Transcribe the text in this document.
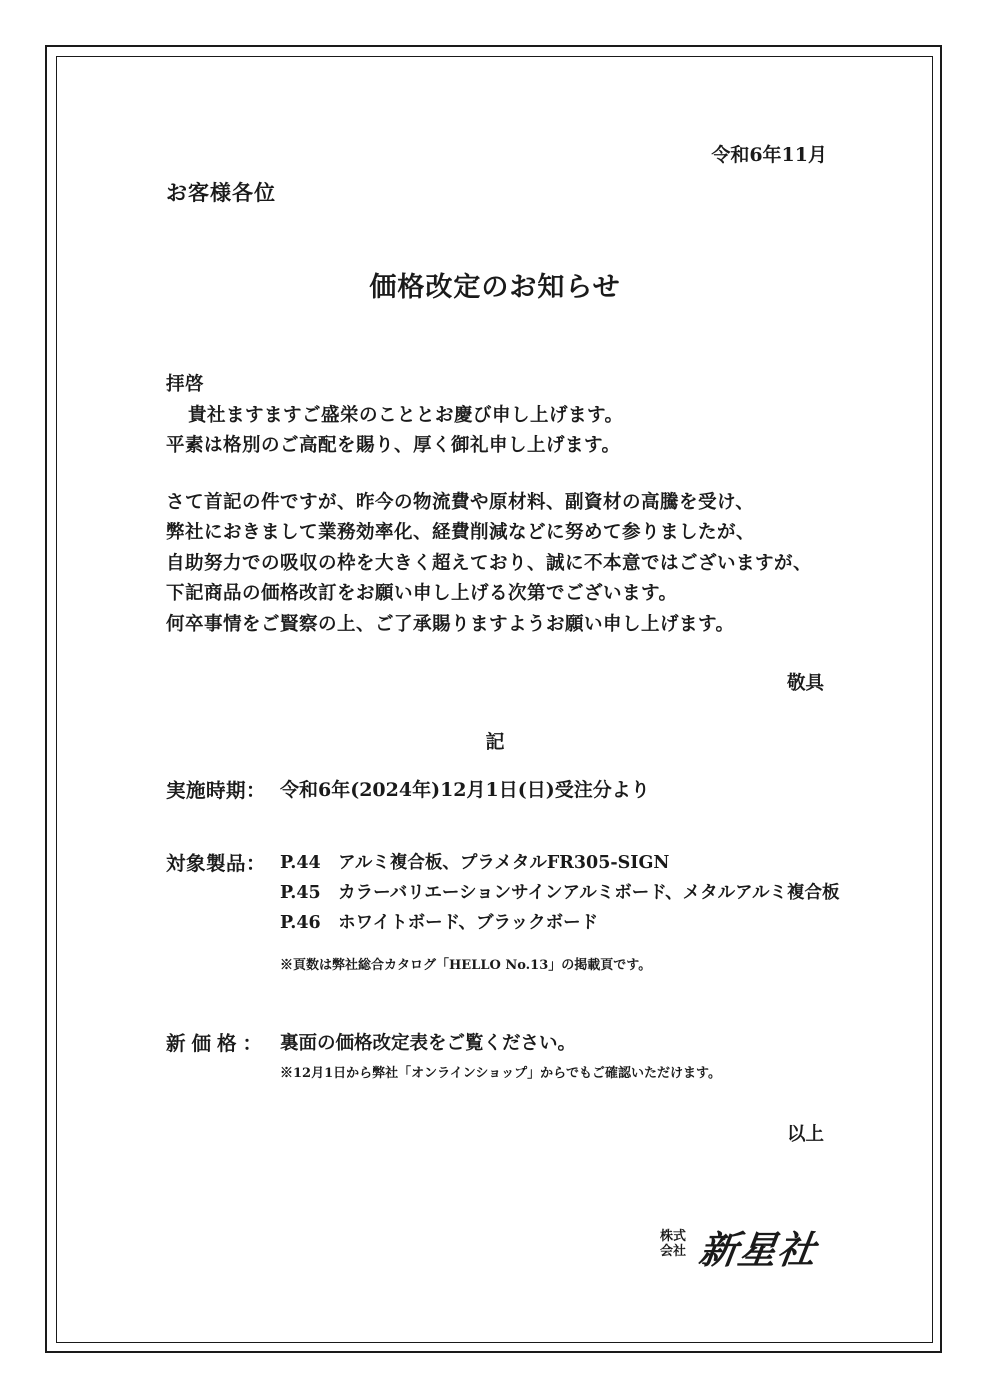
令和6年11月
お客様各位
価格改定のお知らせ
拝啓
貴社ますますご盛栄のこととお慶び申し上げます。
平素は格別のご高配を賜り、厚く御礼申し上げます。
さて首記の件ですが、昨今の物流費や原材料、副資材の高騰を受け、
弊社におきまして業務効率化、経費削減などに努めて参りましたが、
自助努力での吸収の枠を大きく超えており、誠に不本意ではございますが、
下記商品の価格改訂をお願い申し上げる次第でございます。
何卒事情をご賢察の上、ご了承賜りますようお願い申し上げます。
敬具
記
実施時期： 令和6年(2024年)12月1日(日)受注分より
対象製品： P.44 アルミ複合板、プラメタルFR305-SIGN
P.45 カラーバリエーションサインアルミボード、メタルアルミ複合板
P.46 ホワイトボード、ブラックボード
※頁数は弊社総合カタログ「HELLO No.13」の掲載頁です。
新価格： 裏面の価格改定表をご覧ください。
※12月1日から弊社「オンラインショップ」からでもご確認いただけます。
以上
株式
会社 新星社
